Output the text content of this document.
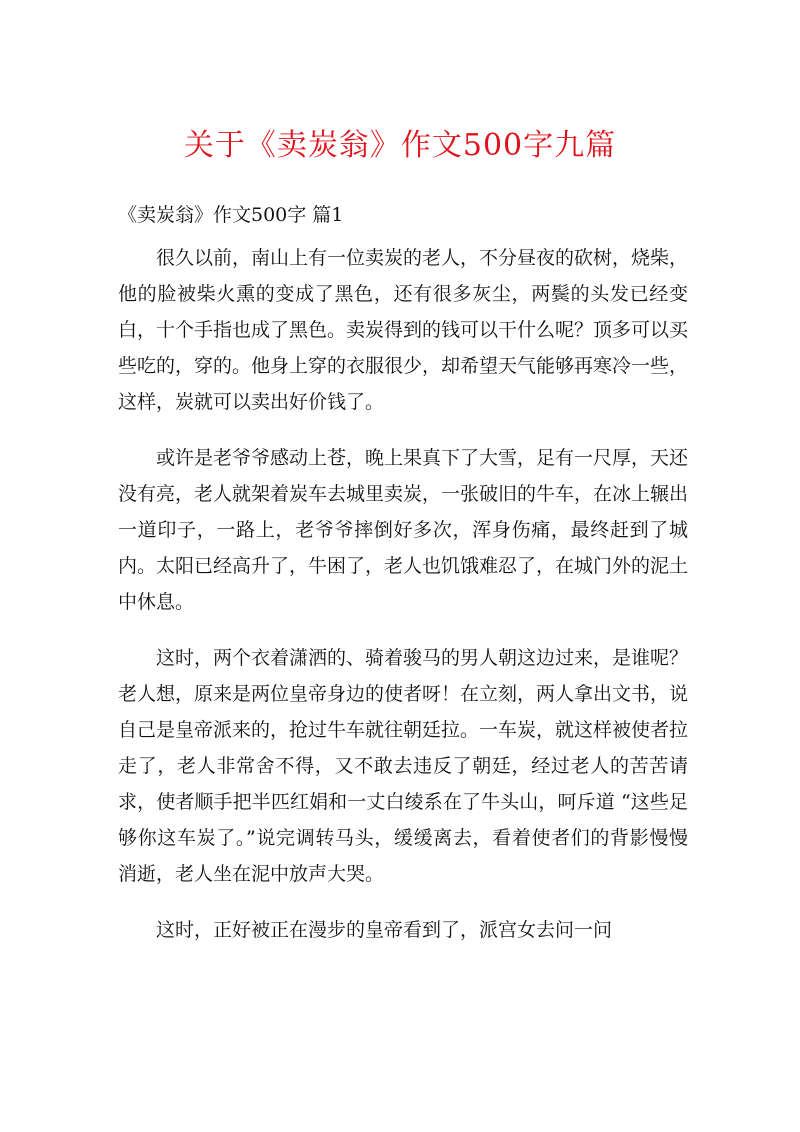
关于《卖炭翁》作文500字九篇
《卖炭翁》作文500字 篇1

很久以前，南山上有一位卖炭的老人，不分昼夜的砍树，烧柴，他的脸被柴火熏的变成了黑色，还有很多灰尘，两鬓的头发已经变白，十个手指也成了黑色。卖炭得到的钱可以干什么呢？顶多可以买些吃的，穿的。他身上穿的衣服很少，却希望天气能够再寒冷一些，这样，炭就可以卖出好价钱了。

或许是老爷爷感动上苍，晚上果真下了大雪，足有一尺厚，天还没有亮，老人就架着炭车去城里卖炭，一张破旧的牛车，在冰上辗出一道印子，一路上，老爷爷摔倒好多次，浑身伤痛，最终赶到了城内。太阳已经高升了，牛困了，老人也饥饿难忍了，在城门外的泥土中休息。

这时，两个衣着潇洒的、骑着骏马的男人朝这边过来，是谁呢？老人想，原来是两位皇帝身边的使者呀！在立刻，两人拿出文书，说自己是皇帝派来的，抢过牛车就往朝廷拉。一车炭，就这样被使者拉走了，老人非常舍不得，又不敢去违反了朝廷，经过老人的苦苦请求，使者顺手把半匹红娟和一丈白绫系在了牛头山，呵斥道 “这些足够你这车炭了。”说完调转马头，缓缓离去，看着使者们的背影慢慢消逝，老人坐在泥中放声大哭。

这时，正好被正在漫步的皇帝看到了，派宫女去问一问
